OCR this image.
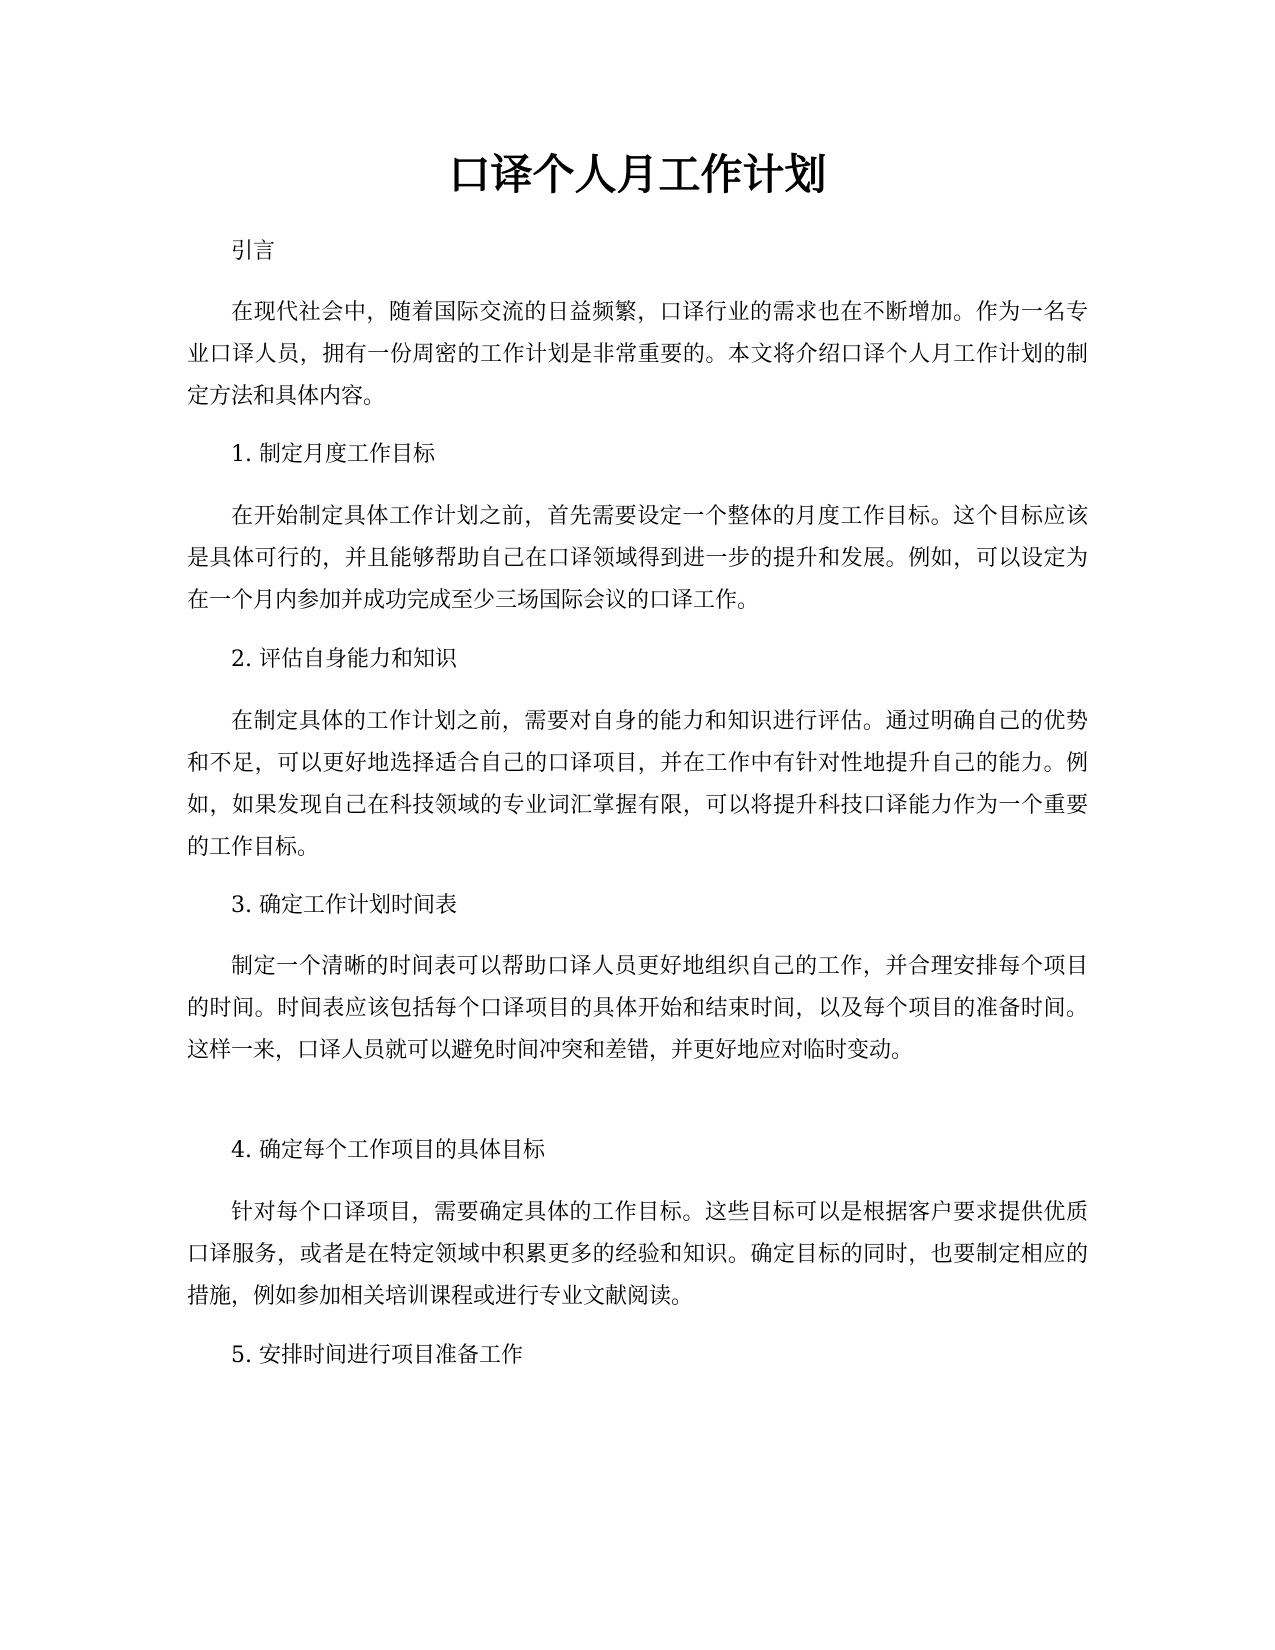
口译个人月工作计划

引言

在现代社会中，随着国际交流的日益频繁，口译行业的需求也在不断增加。作为一名专业口译人员，拥有一份周密的工作计划是非常重要的。本文将介绍口译个人月工作计划的制定方法和具体内容。

1. 制定月度工作目标

在开始制定具体工作计划之前，首先需要设定一个整体的月度工作目标。这个目标应该是具体可行的，并且能够帮助自己在口译领域得到进一步的提升和发展。例如，可以设定为在一个月内参加并成功完成至少三场国际会议的口译工作。

2. 评估自身能力和知识

在制定具体的工作计划之前，需要对自身的能力和知识进行评估。通过明确自己的优势和不足，可以更好地选择适合自己的口译项目，并在工作中有针对性地提升自己的能力。例如，如果发现自己在科技领域的专业词汇掌握有限，可以将提升科技口译能力作为一个重要的工作目标。

3. 确定工作计划时间表

制定一个清晰的时间表可以帮助口译人员更好地组织自己的工作，并合理安排每个项目的时间。时间表应该包括每个口译项目的具体开始和结束时间，以及每个项目的准备时间。这样一来，口译人员就可以避免时间冲突和差错，并更好地应对临时变动。

4. 确定每个工作项目的具体目标

针对每个口译项目，需要确定具体的工作目标。这些目标可以是根据客户要求提供优质口译服务，或者是在特定领域中积累更多的经验和知识。确定目标的同时，也要制定相应的措施，例如参加相关培训课程或进行专业文献阅读。

5. 安排时间进行项目准备工作
